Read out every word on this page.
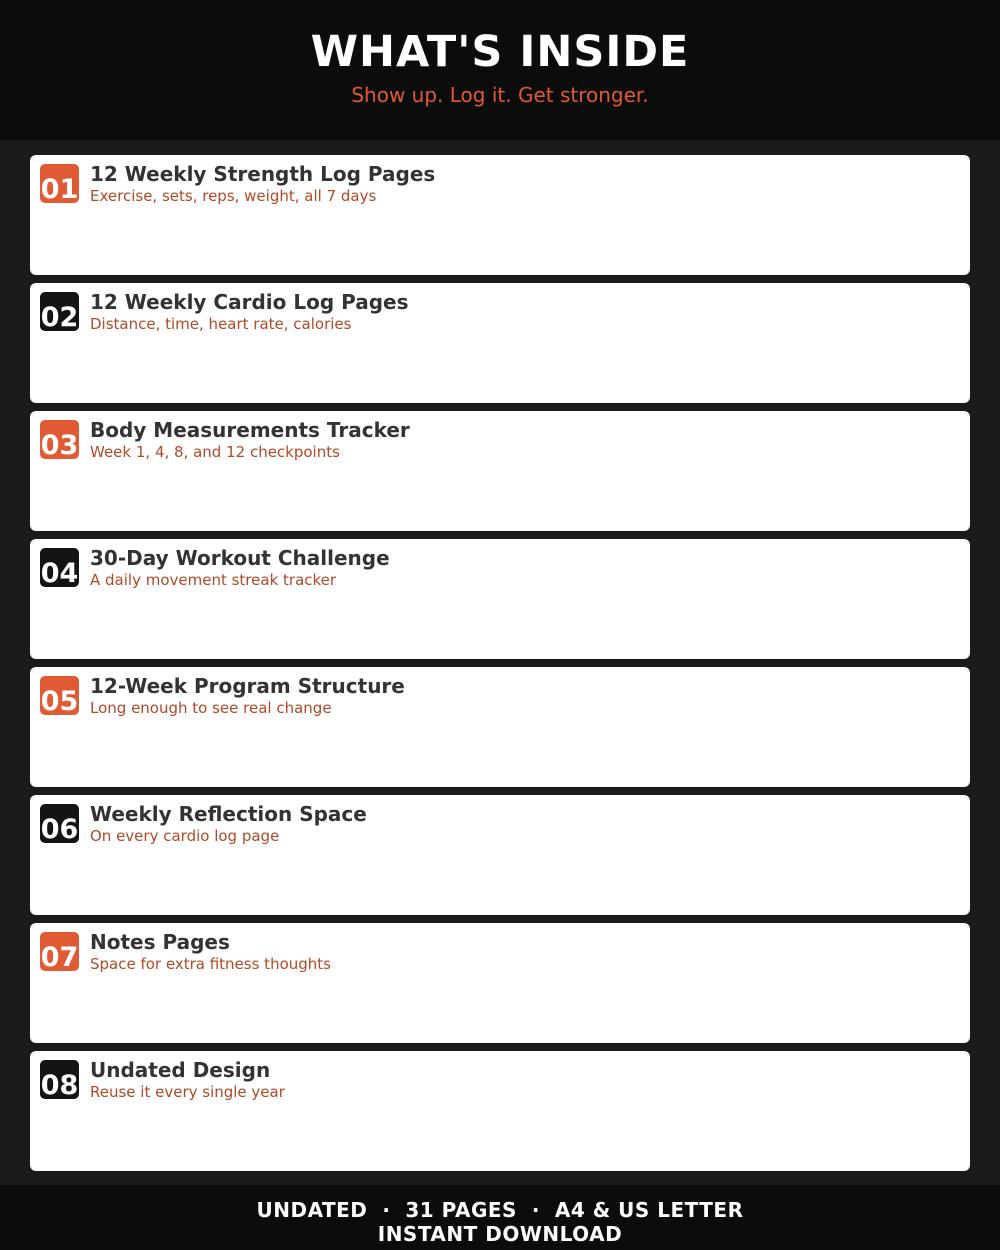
WHAT'S INSIDE
Show up. Log it. Get stronger.
01 12 Weekly Strength Log Pages
Exercise, sets, reps, weight, all 7 days
02 12 Weekly Cardio Log Pages
Distance, time, heart rate, calories
03 Body Measurements Tracker
Week 1, 4, 8, and 12 checkpoints
04 30-Day Workout Challenge
A daily movement streak tracker
05 12-Week Program Structure
Long enough to see real change
06 Weekly Reflection Space
On every cardio log page
07 Notes Pages
Space for extra fitness thoughts
08 Undated Design
Reuse it every single year
UNDATED  ·  31 PAGES  ·  A4 & US LETTER
INSTANT DOWNLOAD
